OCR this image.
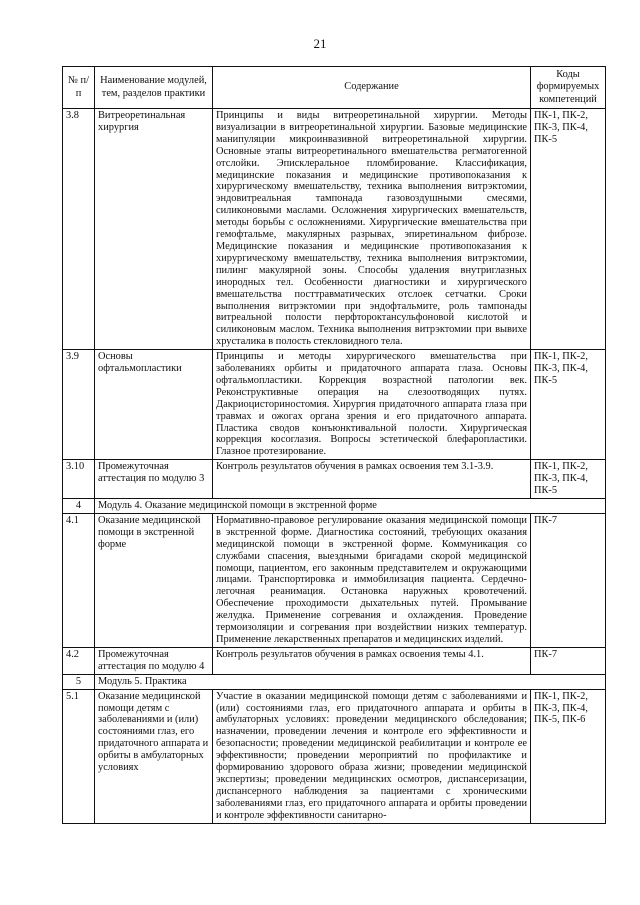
21
№ п/п	Наименование модулей, тем, разделов практики	Содержание	Коды формируемых компетенций
3.8	Витреоретинальная хирургия	Принципы и виды витреоретинальной хирургии. Методы визуализации в витреоретинальной хирургии. Базовые медицинские манипуляции микроинвазивной витреоретинальной хирургии. Основные этапы витреоретинального вмешательства регматогенной отслойки. Эписклеральное пломбирование. Классификация, медицинские показания и медицинские противопоказания к хирургическому вмешательству, техника выполнения витрэктомии, эндовитреальная тампонада газовоздушными смесями, силиконовыми маслами. Осложнения хирургических вмешательств, методы борьбы с осложнениями. Хирургические вмешательства при гемофтальме, макулярных разрывах, эпиретинальном фиброзе. Медицинские показания и медицинские противопоказания к хирургическому вмешательству, техника выполнения витрэктомии, пилинг макулярной зоны. Способы удаления внутриглазных инородных тел. Особенности диагностики и хирургического вмешательства посттравматических отслоек сетчатки. Сроки выполнения витрэктомии при эндофтальмите, роль тампонады витреальной полости перфтороктансульфоновой кислотой и силиконовым маслом. Техника выполнения витрэктомии при вывихе хрусталика в полость стекловидного тела.	ПК-1, ПК-2, ПК-3, ПК-4, ПК-5
3.9	Основы офтальмопластики	Принципы и методы хирургического вмешательства при заболеваниях орбиты и придаточного аппарата глаза. Основы офтальмопластики. Коррекция возрастной патологии век. Реконструктивные операция на слезоотводящих путях. Дакриоцисториностомия. Хирургия придаточного аппарата глаза при травмах и ожогах органа зрения и его придаточного аппарата. Пластика сводов конъюнктивальной полости. Хирургическая коррекция косоглазия. Вопросы эстетической блефаропластики. Глазное протезирование.	ПК-1, ПК-2, ПК-3, ПК-4, ПК-5
3.10	Промежуточная аттестация по модулю 3	Контроль результатов обучения в рамках освоения тем 3.1-3.9.	ПК-1, ПК-2, ПК-3, ПК-4, ПК-5
4	Модуль 4. Оказание медицинской помощи в экстренной форме		
4.1	Оказание медицинской помощи в экстренной форме	Нормативно-правовое регулирование оказания медицинской помощи в экстренной форме. Диагностика состояний, требующих оказания медицинской помощи в экстренной форме. Коммуникация со службами спасения, выездными бригадами скорой медицинской помощи, пациентом, его законным представителем и окружающими лицами. Транспортировка и иммобилизация пациента. Сердечно-легочная реанимация. Остановка наружных кровотечений. Обеспечение проходимости дыхательных путей. Промывание желудка. Применение согревания и охлаждения. Проведение термоизоляции и согревания при воздействии низких температур. Применение лекарственных препаратов и медицинских изделий.	ПК-7
4.2	Промежуточная аттестация по модулю 4	Контроль результатов обучения в рамках освоения темы 4.1.	ПК-7
5	Модуль 5. Практика		
5.1	Оказание медицинской помощи детям с заболеваниями и (или) состояниями глаз, его придаточного аппарата и орбиты в амбулаторных условиях	Участие в оказании медицинской помощи детям с заболеваниями и (или) состояниями глаз, его придаточного аппарата и орбиты в амбулаторных условиях: проведении медицинского обследования; назначении, проведении лечения и контроле его эффективности и безопасности; проведении медицинской реабилитации и контроле ее эффективности; проведении мероприятий по профилактике и формированию здорового образа жизни; проведении медицинской экспертизы; проведении медицинских осмотров, диспансеризации, диспансерного наблюдения за пациентами с хроническими заболеваниями глаз, его придаточного аппарата и орбиты проведении и контроле эффективности санитарно-	ПК-1, ПК-2, ПК-3, ПК-4, ПК-5, ПК-6
